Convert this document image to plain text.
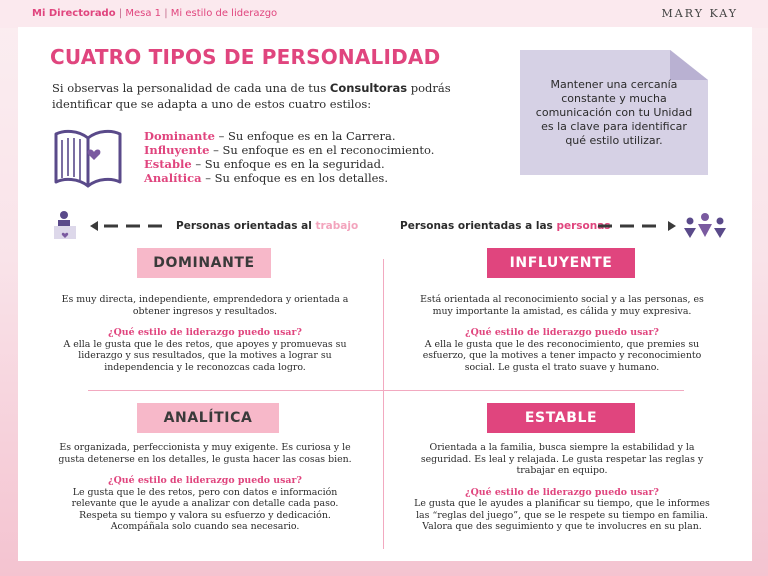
Mi Directorado | Mesa 1 | Mi estilo de liderazgo	MARY KAY
CUATRO TIPOS DE PERSONALIDAD
Si observas la personalidad de cada una de tus Consultoras podrás identificar que se adapta a uno de estos cuatro estilos:
Mantener una cercanía constante y mucha comunicación con tu Unidad es la clave para identificar qué estilo utilizar.
Dominante – Su enfoque es en la Carrera.
Influyente – Su enfoque es en el reconocimiento.
Estable – Su enfoque es en la seguridad.
Analítica – Su enfoque es en los detalles.
Personas orientadas al trabajo	Personas orientadas a las personas
DOMINANTE

Es muy directa, independiente, emprendedora y orientada a obtener ingresos y resultados.

¿Qué estilo de liderazgo puedo usar?
A ella le gusta que le des retos, que apoyes y promuevas su liderazgo y sus resultados, que la motives a lograr su independencia y le reconozcas cada logro.

INFLUYENTE

Está orientada al reconocimiento social y a las personas, es muy importante la amistad, es cálida y muy expresiva.

¿Qué estilo de liderazgo puedo usar?
A ella le gusta que le des reconocimiento, que premies su esfuerzo, que la motives a tener impacto y reconocimiento social. Le gusta el trato suave y humano.

ANALÍTICA

Es organizada, perfeccionista y muy exigente. Es curiosa y le gusta detenerse en los detalles, le gusta hacer las cosas bien.

¿Qué estilo de liderazgo puedo usar?
Le gusta que le des retos, pero con datos e información relevante que le ayude a analizar con detalle cada paso. Respeta su tiempo y valora su esfuerzo y dedicación. Acompáñala solo cuando sea necesario.

ESTABLE

Orientada a la familia, busca siempre la estabilidad y la seguridad. Es leal y relajada. Le gusta respetar las reglas y trabajar en equipo.

¿Qué estilo de liderazgo puedo usar?
Le gusta que le ayudes a planificar su tiempo, que le informes las “reglas del juego”, que se le respete su tiempo en familia. Valora que des seguimiento y que te involucres en su plan.
